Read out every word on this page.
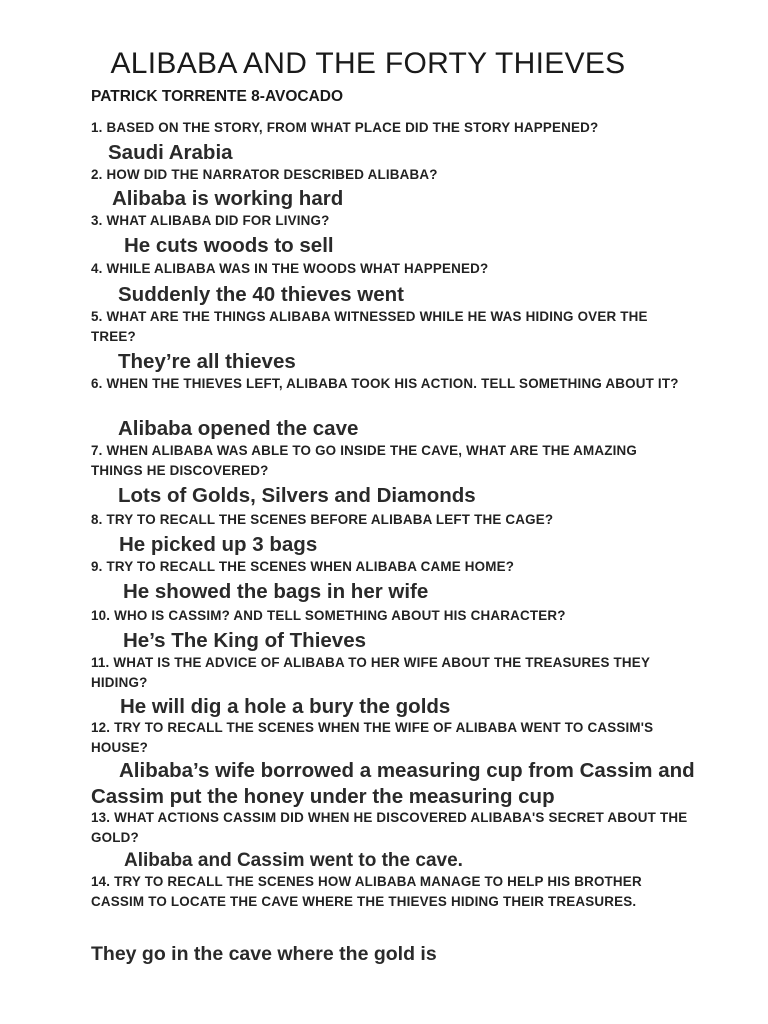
ALIBABA AND THE FORTY THIEVES
PATRICK TORRENTE 8-AVOCADO
1. BASED ON THE STORY, FROM WHAT PLACE DID THE STORY HAPPENED?
Saudi Arabia
2. HOW DID THE NARRATOR DESCRIBED ALIBABA?
Alibaba is working hard
3. WHAT ALIBABA DID FOR LIVING?
He cuts woods to sell
4. WHILE ALIBABA WAS IN THE WOODS WHAT HAPPENED?
Suddenly the 40 thieves went
5. WHAT ARE THE THINGS ALIBABA WITNESSED WHILE HE WAS HIDING OVER THE TREE?
They’re all thieves
6. WHEN THE THIEVES LEFT, ALIBABA TOOK HIS ACTION. TELL SOMETHING ABOUT IT?
Alibaba opened the cave
7. WHEN ALIBABA WAS ABLE TO GO INSIDE THE CAVE, WHAT ARE THE AMAZING THINGS HE DISCOVERED?
Lots of Golds, Silvers and Diamonds
8. TRY TO RECALL THE SCENES BEFORE ALIBABA LEFT THE CAGE?
He picked up 3 bags
9. TRY TO RECALL THE SCENES WHEN ALIBABA CAME HOME?
He showed the bags in her wife
10. WHO IS CASSIM? AND TELL SOMETHING ABOUT HIS CHARACTER?
He’s The King of Thieves
11. WHAT IS THE ADVICE OF ALIBABA TO HER WIFE ABOUT THE TREASURES THEY HIDING?
He will dig a hole a bury the golds
12. TRY TO RECALL THE SCENES WHEN THE WIFE OF ALIBABA WENT TO CASSIM'S HOUSE?
Alibaba’s wife borrowed a measuring cup from Cassim and Cassim put the honey under the measuring cup
13. WHAT ACTIONS CASSIM DID WHEN HE DISCOVERED ALIBABA'S SECRET ABOUT THE GOLD?
Alibaba and Cassim went to the cave.
14. TRY TO RECALL THE SCENES HOW ALIBABA MANAGE TO HELP HIS BROTHER CASSIM TO LOCATE THE CAVE WHERE THE THIEVES HIDING THEIR TREASURES.
They go in the cave where the gold is
